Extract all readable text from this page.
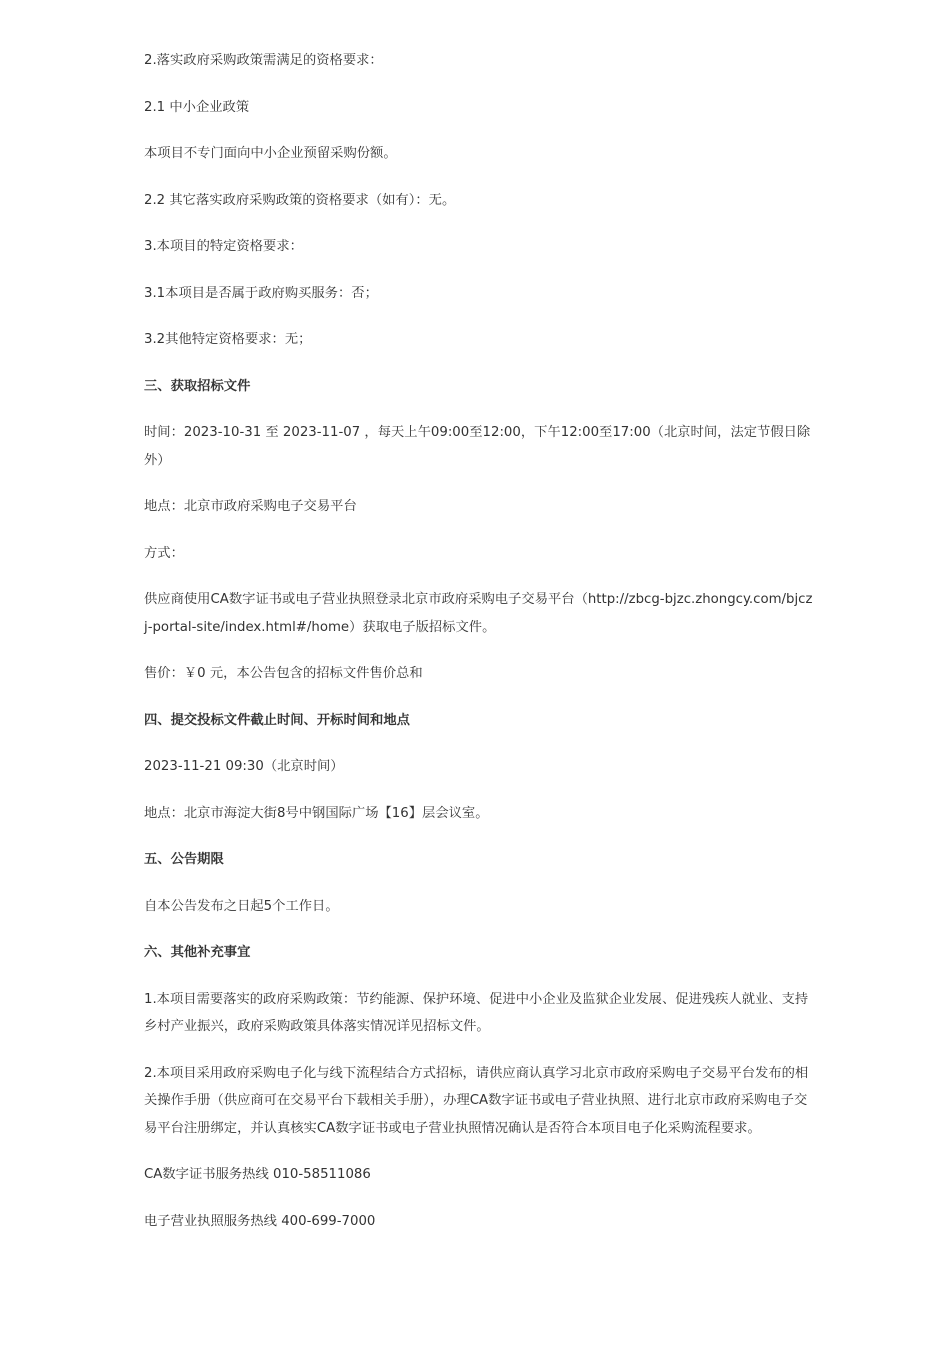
2.落实政府采购政策需满足的资格要求：

2.1 中小企业政策

本项目不专门面向中小企业预留采购份额。

2.2 其它落实政府采购政策的资格要求（如有）：无。

3.本项目的特定资格要求：

3.1本项目是否属于政府购买服务：否；

3.2其他特定资格要求：无；

三、获取招标文件

时间：2023-10-31 至 2023-11-07 ，每天上午09:00至12:00，下午12:00至17:00（北京时间，法定节假日除外）

地点：北京市政府采购电子交易平台

方式：

供应商使用CA数字证书或电子营业执照登录北京市政府采购电子交易平台（http://zbcg-bjzc.zhongcy.com/bjczj-portal-site/index.html#/home）获取电子版招标文件。

售价：￥0 元，本公告包含的招标文件售价总和

四、提交投标文件截止时间、开标时间和地点

2023-11-21 09:30（北京时间）

地点：北京市海淀大街8号中钢国际广场【16】层会议室。

五、公告期限

自本公告发布之日起5个工作日。

六、其他补充事宜

1.本项目需要落实的政府采购政策：节约能源、保护环境、促进中小企业及监狱企业发展、促进残疾人就业、支持乡村产业振兴，政府采购政策具体落实情况详见招标文件。

2.本项目采用政府采购电子化与线下流程结合方式招标，请供应商认真学习北京市政府采购电子交易平台发布的相关操作手册（供应商可在交易平台下载相关手册），办理CA数字证书或电子营业执照、进行北京市政府采购电子交易平台注册绑定，并认真核实CA数字证书或电子营业执照情况确认是否符合本项目电子化采购流程要求。

CA数字证书服务热线 010-58511086

电子营业执照服务热线 400-699-7000
